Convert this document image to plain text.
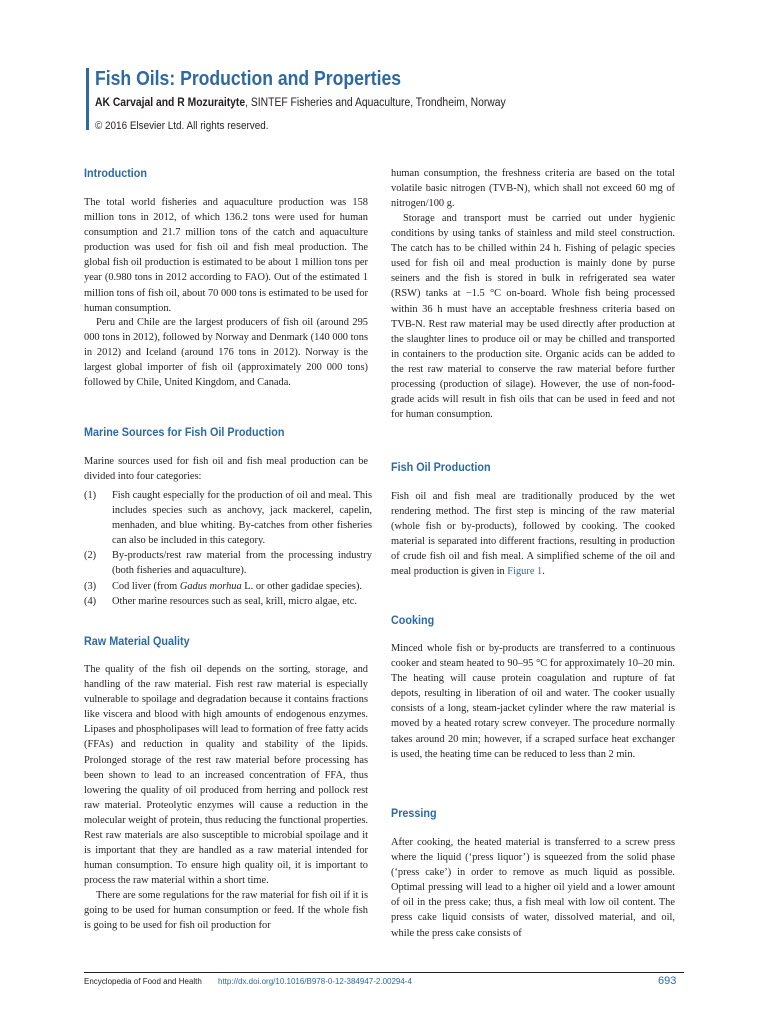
Fish Oils: Production and Properties
AK Carvajal and R Mozuraityte, SINTEF Fisheries and Aquaculture, Trondheim, Norway
© 2016 Elsevier Ltd. All rights reserved.
Introduction

The total world fisheries and aquaculture production was 158 million tons in 2012, of which 136.2 tons were used for human consumption and 21.7 million tons of the catch and aquaculture production was used for fish oil and fish meal production. The global fish oil production is estimated to be about 1 million tons per year (0.980 tons in 2012 according to FAO). Out of the estimated 1 million tons of fish oil, about 70 000 tons is estimated to be used for human consumption.

Peru and Chile are the largest producers of fish oil (around 295 000 tons in 2012), followed by Norway and Denmark (140 000 tons in 2012) and Iceland (around 176 tons in 2012). Norway is the largest global importer of fish oil (approximately 200 000 tons) followed by Chile, United Kingdom, and Canada.

Marine Sources for Fish Oil Production

Marine sources used for fish oil and fish meal production can be divided into four categories:

(1) Fish caught especially for the production of oil and meal. This includes species such as anchovy, jack mackerel, capelin, menhaden, and blue whiting. By-catches from other fisheries can also be included in this category.
(2) By-products/rest raw material from the processing industry (both fisheries and aquaculture).
(3) Cod liver (from Gadus morhua L. or other gadidae species).
(4) Other marine resources such as seal, krill, micro algae, etc.
Raw Material Quality

The quality of the fish oil depends on the sorting, storage, and handling of the raw material. Fish rest raw material is especially vulnerable to spoilage and degradation because it contains fractions like viscera and blood with high amounts of endogenous enzymes. Lipases and phospholipases will lead to formation of free fatty acids (FFAs) and reduction in quality and stability of the lipids. Prolonged storage of the rest raw material before processing has been shown to lead to an increased concentration of FFA, thus lowering the quality of oil produced from herring and pollock rest raw material. Proteolytic enzymes will cause a reduction in the molecular weight of protein, thus reducing the functional properties. Rest raw materials are also susceptible to microbial spoilage and it is important that they are handled as a raw material intended for human consumption. To ensure high quality oil, it is important to process the raw material within a short time.

There are some regulations for the raw material for fish oil if it is going to be used for human consumption or feed. If the whole fish is going to be used for fish oil production for

human consumption, the freshness criteria are based on the total volatile basic nitrogen (TVB-N), which shall not exceed 60 mg of nitrogen/100 g.

Storage and transport must be carried out under hygienic conditions by using tanks of stainless and mild steel construction. The catch has to be chilled within 24 h. Fishing of pelagic species used for fish oil and meal production is mainly done by purse seiners and the fish is stored in bulk in refrigerated sea water (RSW) tanks at −1.5 °C on-board. Whole fish being processed within 36 h must have an acceptable freshness criteria based on TVB-N. Rest raw material may be used directly after production at the slaughter lines to produce oil or may be chilled and transported in containers to the production site. Organic acids can be added to the rest raw material to conserve the raw material before further processing (production of silage). However, the use of non-food-grade acids will result in fish oils that can be used in feed and not for human consumption.

Fish Oil Production

Fish oil and fish meal are traditionally produced by the wet rendering method. The first step is mincing of the raw material (whole fish or by-products), followed by cooking. The cooked material is separated into different fractions, resulting in production of crude fish oil and fish meal. A simplified scheme of the oil and meal production is given in Figure 1.

Cooking

Minced whole fish or by-products are transferred to a continuous cooker and steam heated to 90–95 °C for approximately 10–20 min. The heating will cause protein coagulation and rupture of fat depots, resulting in liberation of oil and water. The cooker usually consists of a long, steam-jacket cylinder where the raw material is moved by a heated rotary screw conveyer. The procedure normally takes around 20 min; however, if a scraped surface heat exchanger is used, the heating time can be reduced to less than 2 min.

Pressing

After cooking, the heated material is transferred to a screw press where the liquid (‘press liquor’) is squeezed from the solid phase (‘press cake’) in order to remove as much liquid as possible. Optimal pressing will lead to a higher oil yield and a lower amount of oil in the press cake; thus, a fish meal with low oil content. The press cake liquid consists of water, dissolved material, and oil, while the press cake consists of

Encyclopedia of Food and Health http://dx.doi.org/10.1016/B978-0-12-384947-2.00294-4	693
